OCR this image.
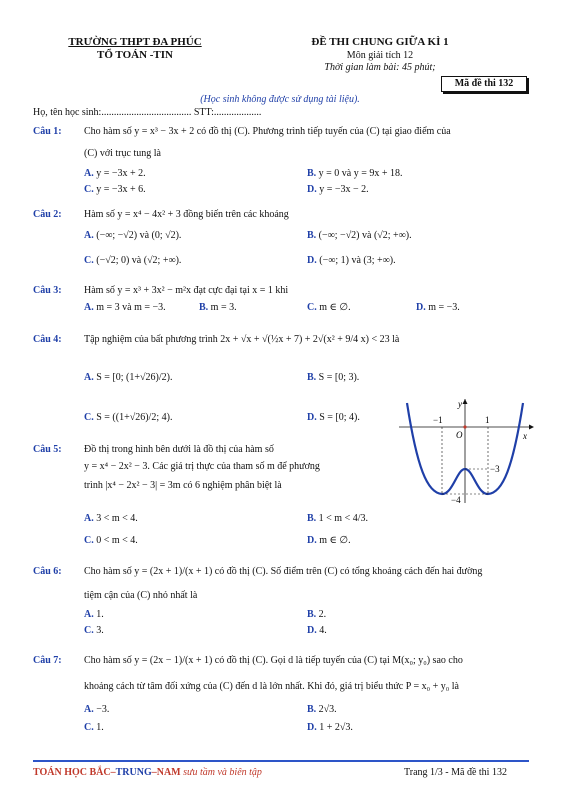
TRƯỜNG THPT ĐA PHÚC
TỔ TOÁN -TIN
ĐỀ THI CHUNG GIỮA KÌ 1
Môn giải tích 12
Thời gian làm bài: 45 phút;
Mã đề thi 132
(Học sinh không được sử dụng tài liệu).
Họ, tên học sinh:.................................... STT:...................
Câu 1: Cho hàm số y = x³ − 3x + 2 có đồ thị (C). Phương trình tiếp tuyến của (C) tại giao điểm của
(C) với trục tung là
A. y = −3x + 2.	B. y = 0 và y = 9x + 18.
C. y = −3x + 6.	D. y = −3x − 2.
Câu 2: Hàm số y = x⁴ − 4x² + 3 đồng biến trên các khoảng
A. (−∞; −√2) và (0; √2).	B. (−∞; −√2) và (√2; +∞).
C. (−√2; 0) và (√2; +∞).	D. (−∞; 1) và (3; +∞).
Câu 3: Hàm số y = x³ + 3x² − m²x đạt cực đại tại x = 1 khi
A. m = 3 và m = −3.	B. m = 3.	C. m ∈ ∅.	D. m = −3.
Câu 4: Tập nghiệm của bất phương trình 2x + √x + √(½x + 7) + 2√(x² + 9/4 x) < 23 là
A. S = [0; (1+√26)/2).	B. S = [0; 3).
C. S = ((1+√26)/2; 4).	D. S = [0; 4).
Câu 5: Đồ thị trong hình bên dưới là đồ thị của hàm số
y = x⁴ − 2x² − 3. Các giá trị thực của tham số m để phương
trình |x⁴ − 2x² − 3| = 3m có 6 nghiệm phân biệt là
A. 3 < m < 4.	B. 1 < m < 4/3.
C. 0 < m < 4.	D. m ∈ ∅.
y
x
O
−1	1
−3
−4
Câu 6: Cho hàm số y = (2x + 1)/(x + 1) có đồ thị (C). Số điểm trên (C) có tổng khoảng cách đến hai đường
tiệm cận của (C) nhỏ nhất là
A. 1.	B. 2.
C. 3.	D. 4.
Câu 7: Cho hàm số y = (2x − 1)/(x + 1) có đồ thị (C). Gọi d là tiếp tuyến của (C) tại M(x₀; y₀) sao cho
khoảng cách từ tâm đối xứng của (C) đến d là lớn nhất. Khi đó, giá trị biểu thức P = x₀ + y₀ là
A. −3.	B. 2√3.
C. 1.	D. 1 + 2√3.
TOÁN HỌC BẮC–TRUNG–NAM sưu tầm và biên tập	Trang 1/3 - Mã đề thi 132
